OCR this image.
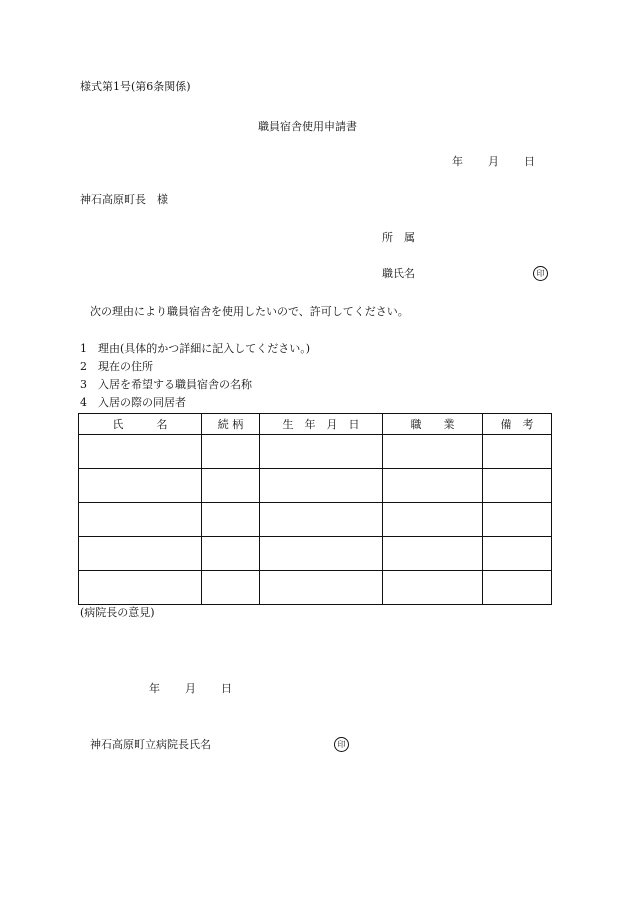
様式第1号(第6条関係)
職員宿舎使用申請書
年 月 日
神石高原町長　様
所　属
職氏名	印
次の理由により職員宿舎を使用したいので、許可してください。
1 理由(具体的かつ詳細に記入してください。)
2 現在の住所
3 入居を希望する職員宿舎の名称
4 入居の際の同居者
氏　　　名	続 柄	生　年　月　日	職　　業	備　考

(病院長の意見)
年 月 日
神石高原町立病院長氏名	印
